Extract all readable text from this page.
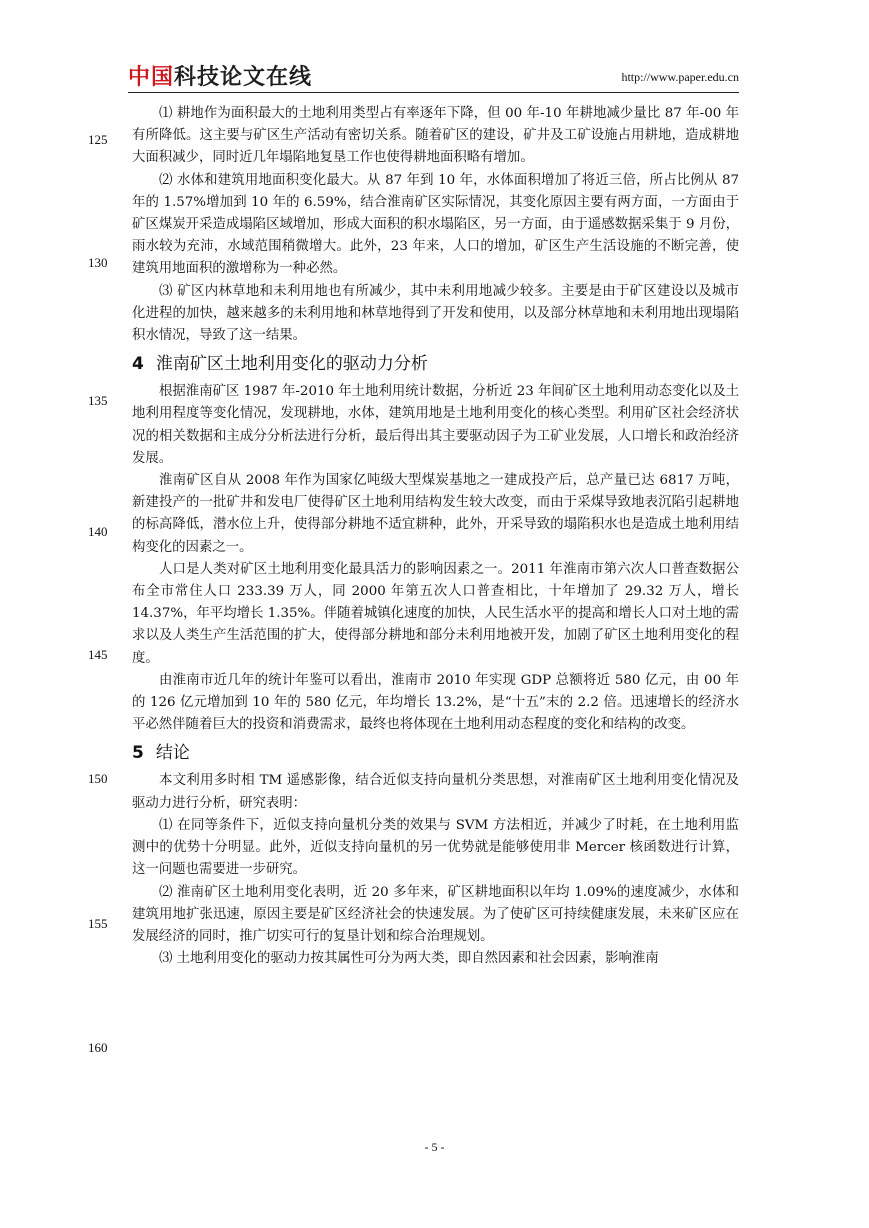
中国科技论文在线	http://www.paper.edu.cn
125
130
135
140
145
150
155
160

⑴ 耕地作为面积最大的土地利用类型占有率逐年下降，但 00 年-10 年耕地减少量比 87 年-00 年有所降低。这主要与矿区生产活动有密切关系。随着矿区的建设，矿井及工矿设施占用耕地，造成耕地大面积减少，同时近几年塌陷地复垦工作也使得耕地面积略有增加。

⑵ 水体和建筑用地面积变化最大。从 87 年到 10 年，水体面积增加了将近三倍，所占比例从 87 年的 1.57%增加到 10 年的 6.59%，结合淮南矿区实际情况，其变化原因主要有两方面，一方面由于矿区煤炭开采造成塌陷区域增加，形成大面积的积水塌陷区，另一方面，由于遥感数据采集于 9 月份，雨水较为充沛，水域范围稍微增大。此外，23 年来，人口的增加，矿区生产生活设施的不断完善，使建筑用地面积的激增称为一种必然。

⑶ 矿区内林草地和未利用地也有所减少，其中未利用地减少较多。主要是由于矿区建设以及城市化进程的加快，越来越多的未利用地和林草地得到了开发和使用，以及部分林草地和未利用地出现塌陷积水情况，导致了这一结果。

4 淮南矿区土地利用变化的驱动力分析

根据淮南矿区 1987 年-2010 年土地利用统计数据，分析近 23 年间矿区土地利用动态变化以及土地利用程度等变化情况，发现耕地，水体，建筑用地是土地利用变化的核心类型。利用矿区社会经济状况的相关数据和主成分分析法进行分析，最后得出其主要驱动因子为工矿业发展，人口增长和政治经济发展。

淮南矿区自从 2008 年作为国家亿吨级大型煤炭基地之一建成投产后，总产量已达 6817 万吨，新建投产的一批矿井和发电厂使得矿区土地利用结构发生较大改变，而由于采煤导致地表沉陷引起耕地的标高降低，潜水位上升，使得部分耕地不适宜耕种，此外，开采导致的塌陷积水也是造成土地利用结构变化的因素之一。

人口是人类对矿区土地利用变化最具活力的影响因素之一。2011 年淮南市第六次人口普查数据公布全市常住人口 233.39 万人，同 2000 年第五次人口普查相比，十年增加了 29.32 万人，增长 14.37%，年平均增长 1.35%。伴随着城镇化速度的加快，人民生活水平的提高和增长人口对土地的需求以及人类生产生活范围的扩大，使得部分耕地和部分未利用地被开发，加剧了矿区土地利用变化的程度。

由淮南市近几年的统计年鉴可以看出，淮南市 2010 年实现 GDP 总额将近 580 亿元，由 00 年的 126 亿元增加到 10 年的 580 亿元，年均增长 13.2%，是“十五”末的 2.2 倍。迅速增长的经济水平必然伴随着巨大的投资和消费需求，最终也将体现在土地利用动态程度的变化和结构的改变。

5 结论

本文利用多时相 TM 遥感影像，结合近似支持向量机分类思想，对淮南矿区土地利用变化情况及驱动力进行分析，研究表明：

⑴ 在同等条件下，近似支持向量机分类的效果与 SVM 方法相近，并减少了时耗，在土地利用监测中的优势十分明显。此外，近似支持向量机的另一优势就是能够使用非 Mercer 核函数进行计算，这一问题也需要进一步研究。

⑵ 淮南矿区土地利用变化表明，近 20 多年来，矿区耕地面积以年均 1.09%的速度减少，水体和建筑用地扩张迅速，原因主要是矿区经济社会的快速发展。为了使矿区可持续健康发展，未来矿区应在发展经济的同时，推广切实可行的复垦计划和综合治理规划。

⑶ 土地利用变化的驱动力按其属性可分为两大类，即自然因素和社会因素，影响淮南

- 5 -
